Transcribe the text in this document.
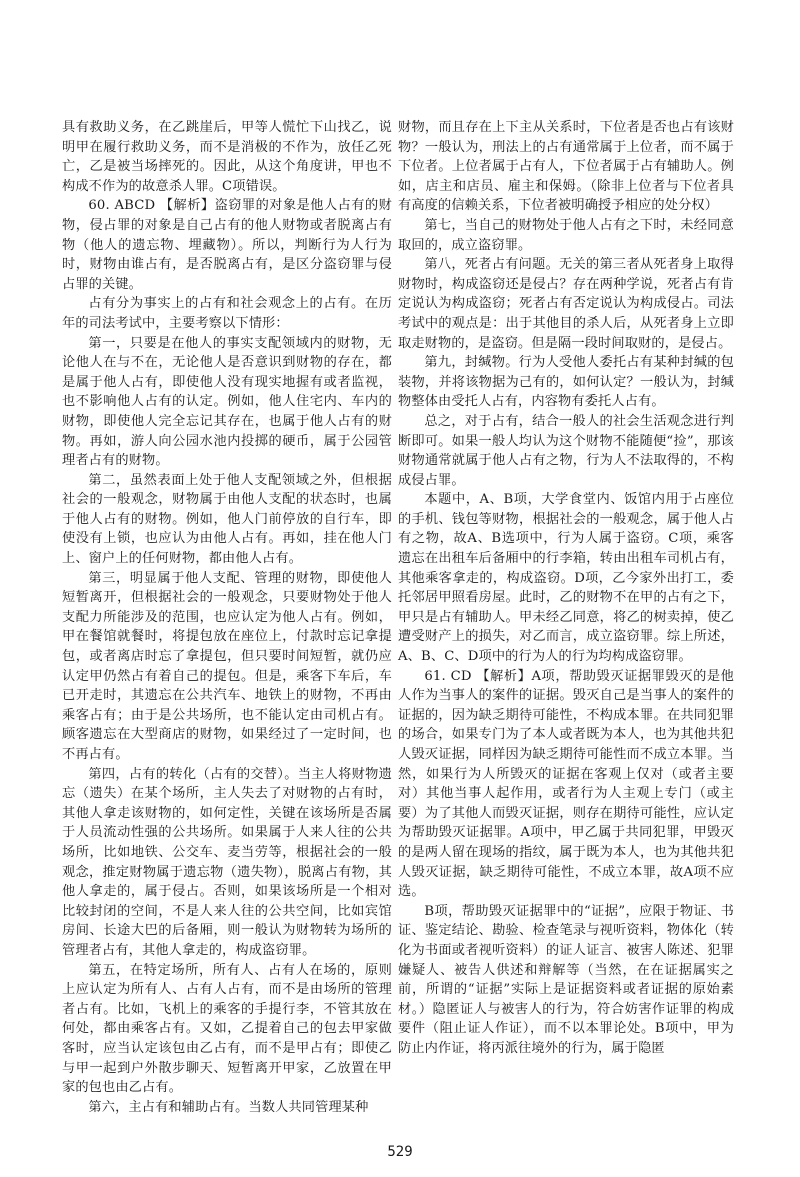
具有救助义务，在乙跳崖后，甲等人慌忙下山找乙，说明甲在履行救助义务，而不是消极的不作为，放任乙死亡，乙是被当场摔死的。因此，从这个角度讲，甲也不构成不作为的故意杀人罪。C项错误。

60. ABCD 【解析】盗窃罪的对象是他人占有的财物，侵占罪的对象是自己占有的他人财物或者脱离占有物（他人的遗忘物、埋藏物）。所以，判断行为人行为时，财物由谁占有，是否脱离占有，是区分盗窃罪与侵占罪的关键。

占有分为事实上的占有和社会观念上的占有。在历年的司法考试中，主要考察以下情形：

第一，只要是在他人的事实支配领域内的财物，无论他人在与不在，无论他人是否意识到财物的存在，都是属于他人占有，即使他人没有现实地握有或者监视，也不影响他人占有的认定。例如，他人住宅内、车内的财物，即使他人完全忘记其存在，也属于他人占有的财物。再如，游人向公园水池内投掷的硬币，属于公园管理者占有的财物。

第二，虽然表面上处于他人支配领域之外，但根据社会的一般观念，财物属于由他人支配的状态时，也属于他人占有的财物。例如，他人门前停放的自行车，即使没有上锁，也应认为由他人占有。再如，挂在他人门上、窗户上的任何财物，都由他人占有。

第三，明显属于他人支配、管理的财物，即使他人短暂离开，但根据社会的一般观念，只要财物处于他人支配力所能涉及的范围，也应认定为他人占有。例如，甲在餐馆就餐时，将提包放在座位上，付款时忘记拿提包，或者离店时忘了拿提包，但只要时间短暂，就仍应认定甲仍然占有着自己的提包。但是，乘客下车后，车已开走时，其遗忘在公共汽车、地铁上的财物，不再由乘客占有；由于是公共场所，也不能认定由司机占有。顾客遗忘在大型商店的财物，如果经过了一定时间，也不再占有。

第四，占有的转化（占有的交替）。当主人将财物遗忘（遗失）在某个场所，主人失去了对财物的占有时，其他人拿走该财物的，如何定性，关键在该场所是否属于人员流动性强的公共场所。如果属于人来人往的公共场所，比如地铁、公交车、麦当劳等，根据社会的一般观念，推定财物属于遗忘物（遗失物），脱离占有物，其他人拿走的，属于侵占。否则，如果该场所是一个相对比较封闭的空间，不是人来人往的公共空间，比如宾馆房间、长途大巴的后备厢，则一般认为财物转为场所的管理者占有，其他人拿走的，构成盗窃罪。

第五，在特定场所，所有人、占有人在场的，原则上应认定为所有人、占有人占有，而不是由场所的管理者占有。比如，飞机上的乘客的手提行李，不管其放在何处，都由乘客占有。又如，乙提着自己的包去甲家做客时，应当认定该包由乙占有，而不是甲占有；即使乙与甲一起到户外散步聊天、短暂离开甲家，乙放置在甲家的包也由乙占有。

第六，主占有和辅助占有。当数人共同管理某种

财物，而且存在上下主从关系时，下位者是否也占有该财物？一般认为，刑法上的占有通常属于上位者，而不属于下位者。上位者属于占有人，下位者属于占有辅助人。例如，店主和店员、雇主和保姆。（除非上位者与下位者具有高度的信赖关系，下位者被明确授予相应的处分权）

第七，当自己的财物处于他人占有之下时，未经同意取回的，成立盗窃罪。

第八，死者占有问题。无关的第三者从死者身上取得财物时，构成盗窃还是侵占？存在两种学说，死者占有肯定说认为构成盗窃；死者占有否定说认为构成侵占。司法考试中的观点是：出于其他目的杀人后，从死者身上立即取走财物的，是盗窃。但是隔一段时间取财的，是侵占。

第九，封缄物。行为人受他人委托占有某种封缄的包装物，并将该物据为己有的，如何认定？一般认为，封缄物整体由受托人占有，内容物有委托人占有。

总之，对于占有，结合一般人的社会生活观念进行判断即可。如果一般人均认为这个财物不能随便“捡”，那该财物通常就属于他人占有之物，行为人不法取得的，不构成侵占罪。

本题中，A、B项，大学食堂内、饭馆内用于占座位的手机、钱包等财物，根据社会的一般观念，属于他人占有之物，故A、B选项中，行为人属于盗窃。C项，乘客遗忘在出租车后备厢中的行李箱，转由出租车司机占有，其他乘客拿走的，构成盗窃。D项，乙今家外出打工，委托邻居甲照看房屋。此时，乙的财物不在甲的占有之下，甲只是占有辅助人。甲未经乙同意，将乙的树卖掉，使乙遭受财产上的损失，对乙而言，成立盗窃罪。综上所述，A、B、C、D项中的行为人的行为均构成盗窃罪。

61. CD 【解析】A项，帮助毁灭证据罪毁灭的是他人作为当事人的案件的证据。毁灭自己是当事人的案件的证据的，因为缺乏期待可能性，不构成本罪。在共同犯罪的场合，如果专门为了本人或者既为本人，也为其他共犯人毁灭证据，同样因为缺乏期待可能性而不成立本罪。当然，如果行为人所毁灭的证据在客观上仅对（或者主要对）其他当事人起作用，或者行为人主观上专门（或主要）为了其他人而毁灭证据，则存在期待可能性，应认定为帮助毁灭证据罪。A项中，甲乙属于共同犯罪，甲毁灭的是两人留在现场的指纹，属于既为本人，也为其他共犯人毁灭证据，缺乏期待可能性，不成立本罪，故A项不应选。

B项，帮助毁灭证据罪中的“证据”，应限于物证、书证、鉴定结论、勘验、检查笔录与视听资料，物体化（转化为书面或者视听资料）的证人证言、被害人陈述、犯罪嫌疑人、被告人供述和辩解等（当然，在在证据属实之前，所谓的“证据”实际上是证据资料或者证据的原始素材。）隐匿证人与被害人的行为，符合妨害作证罪的构成要件（阻止证人作证），而不以本罪论处。B项中，甲为防止内作证，将丙派往境外的行为，属于隐匿

529
